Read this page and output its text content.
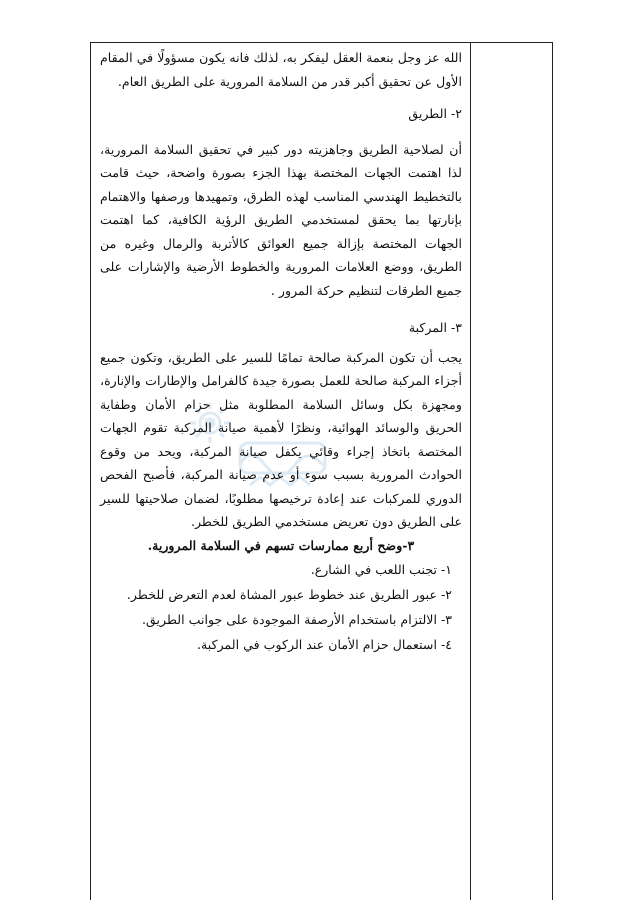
الله عز وجل بنعمة العقل ليفكر به، لذلك فانه يكون مسؤولًا في المقام الأول عن تحقيق أكبر قدر من السلامة المرورية على الطريق العام.

٢- الطريق

أن لصلاحية الطريق وجاهزيته دور كبير في تحقيق السلامة المرورية، لذا اهتمت الجهات المختصة بهذا الجزء بصورة واضحة، حيث قامت بالتخطيط الهندسي المناسب لهذه الطرق، وتمهيدها ورصفها والاهتمام بإنارتها بما يحقق لمستخدمي الطريق الرؤية الكافية، كما اهتمت الجهات المختصة بإزالة جميع العوائق كالأتربة والرمال وغيره من الطريق، ووضع العلامات المرورية والخطوط الأرضية والإشارات على جميع الطرقات لتنظيم حركة المرور .

٣- المركبة

يجب أن تكون المركبة صالحة تمامًا للسير على الطريق، وتكون جميع أجزاء المركبة صالحة للعمل بصورة جيدة كالفرامل والإطارات والإنارة، ومجهزة بكل وسائل السلامة المطلوبة مثل حزام الأمان وطفاية الحريق والوسائد الهوائية، ونظرًا لأهمية صيانة المركبة تقوم الجهات المختصة باتخاذ إجراء وقائي يكفل صيانة المركبة، ويحد من وقوع الحوادث المرورية بسبب سوء أو عدم صيانة المركبة، فأصبح الفحص الدوري للمركبات عند إعادة ترخيصها مطلوبًا، لضمان صلاحيتها للسير على الطريق دون تعريض مستخدمي الطريق للخطر.

٣-وضح أربع ممارسات تسهم في السلامة المرورية.

١- تجنب اللعب في الشارع.
٢- عبور الطريق عند خطوط عبور المشاة لعدم التعرض للخطر.
٣- الالتزام باستخدام الأرصفة الموجودة على جوانب الطريق.
٤- استعمال حزام الأمان عند الركوب في المركبة.
